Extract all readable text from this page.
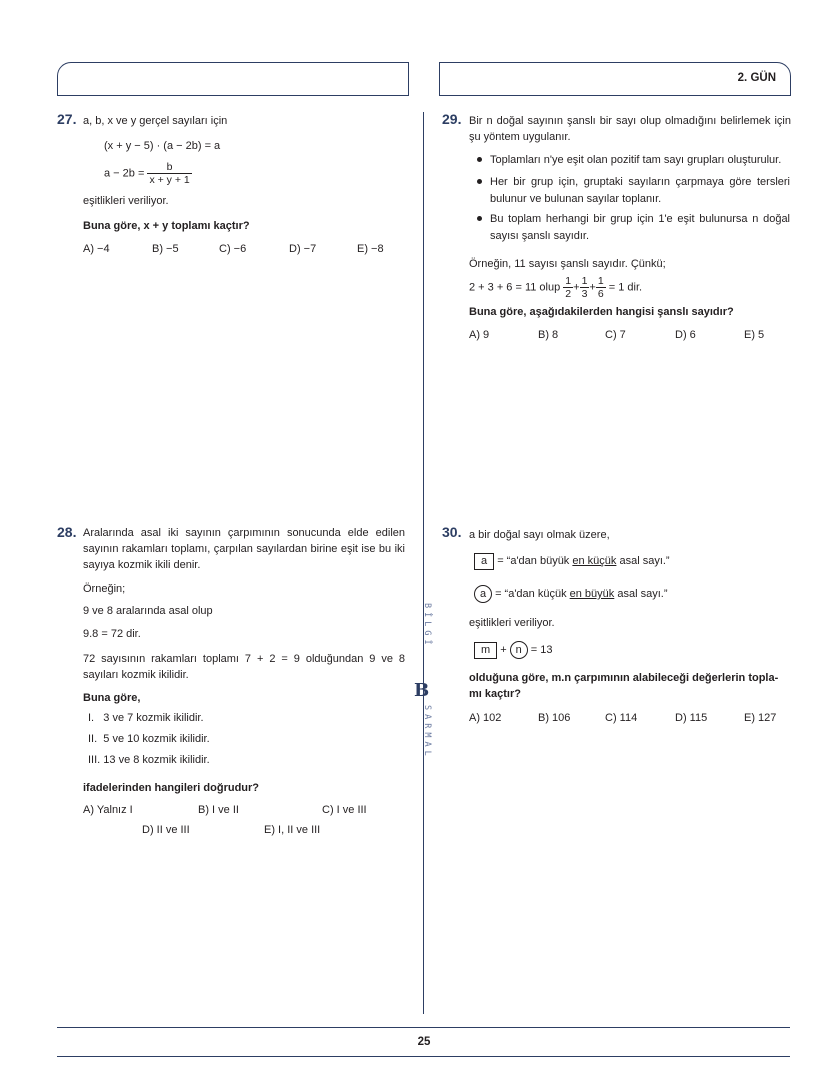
2. GÜN
BİLGİ
B
SARMAL
27. a, b, x ve y gerçel sayıları için
(x + y − 5) · (a − 2b) = a
$a - 2b = \frac{b}{x + y + 1}$
eşitlikleri veriliyor.
Buna göre, x + y toplamı kaçtır?
A) −4	B) −5	C) −6	D) −7	E) −8
28. Aralarında asal iki sayının çarpımının sonucunda elde edilen sayının rakamları toplamı, çarpılan sayılardan birine eşit ise bu iki sayıya kozmik ikili denir.
Örneğin;
9 ve 8 aralarında asal olup
9.8 = 72 dir.
72 sayısının rakamları toplamı 7 + 2 = 9 olduğundan 9 ve 8 sayıları kozmik ikilidir.
Buna göre,
I.   3 ve 7 kozmik ikilidir.
II.  5 ve 10 kozmik ikilidir.
III. 13 ve 8 kozmik ikilidir.
ifadelerinden hangileri doğrudur?
A) Yalnız I	B) I ve II	C) I ve III
D) II ve III	E) I, II ve III
29. Bir n doğal sayının şanslı bir sayı olup olmadığını belirlemek için şu yöntem uygulanır.
Toplamları n'ye eşit olan pozitif tam sayı grupları oluşturulur.
Her bir grup için, gruptaki sayıların çarpmaya göre tersleri bulunur ve bulunan sayılar toplanır.
Bu toplam herhangi bir grup için 1'e eşit bulunursa n doğal sayısı şanslı sayıdır.
Örneğin, 11 sayısı şanslı sayıdır. Çünkü;
2 + 3 + 6 = 11 olup $\frac{1}{2} + \frac{1}{3} + \frac{1}{6} = 1$ dir.
Buna göre, aşağıdakilerden hangisi şanslı sayıdır?
A) 9	B) 8	C) 7	D) 6	E) 5
30. a bir doğal sayı olmak üzere,
a = “a'dan büyük en küçük asal sayı.”
a = “a'dan küçük en büyük asal sayı.”
eşitlikleri veriliyor.
m + n = 13
olduğuna göre, m.n çarpımının alabileceği değerlerin topla-
mı kaçtır?
A) 102	B) 106	C) 114	D) 115	E) 127
25
